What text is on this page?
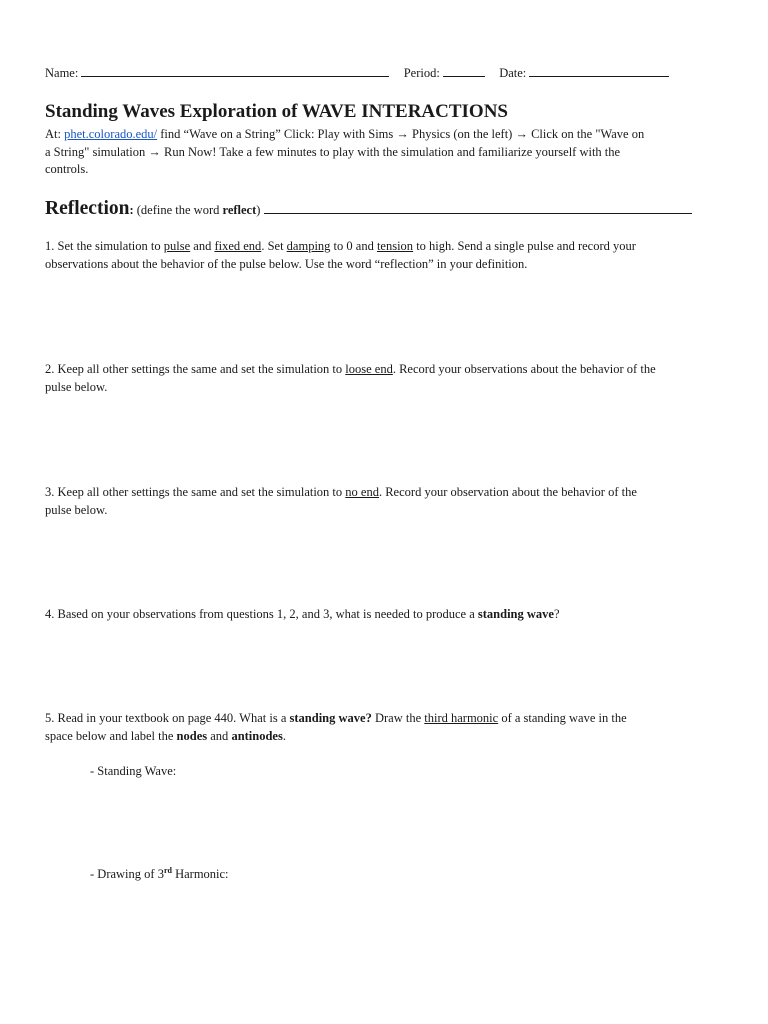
Name:	Period:	Date:
Standing Waves Exploration of WAVE INTERACTIONS
At: phet.colorado.edu/ find “Wave on a String” Click: Play with Sims → Physics (on the left) → Click on the "Wave on
a String" simulation → Run Now! Take a few minutes to play with the simulation and familiarize yourself with the
controls.
Reflection: (define the word reflect)
1. Set the simulation to pulse and fixed end. Set damping to 0 and tension to high. Send a single pulse and record your
observations about the behavior of the pulse below. Use the word “reflection” in your definition.
2. Keep all other settings the same and set the simulation to loose end. Record your observations about the behavior of the
pulse below.
3. Keep all other settings the same and set the simulation to no end. Record your observation about the behavior of the
pulse below.
4. Based on your observations from questions 1, 2, and 3, what is needed to produce a standing wave?
5. Read in your textbook on page 440. What is a standing wave? Draw the third harmonic of a standing wave in the
space below and label the nodes and antinodes.
- Standing Wave:
- Drawing of 3rd Harmonic:
